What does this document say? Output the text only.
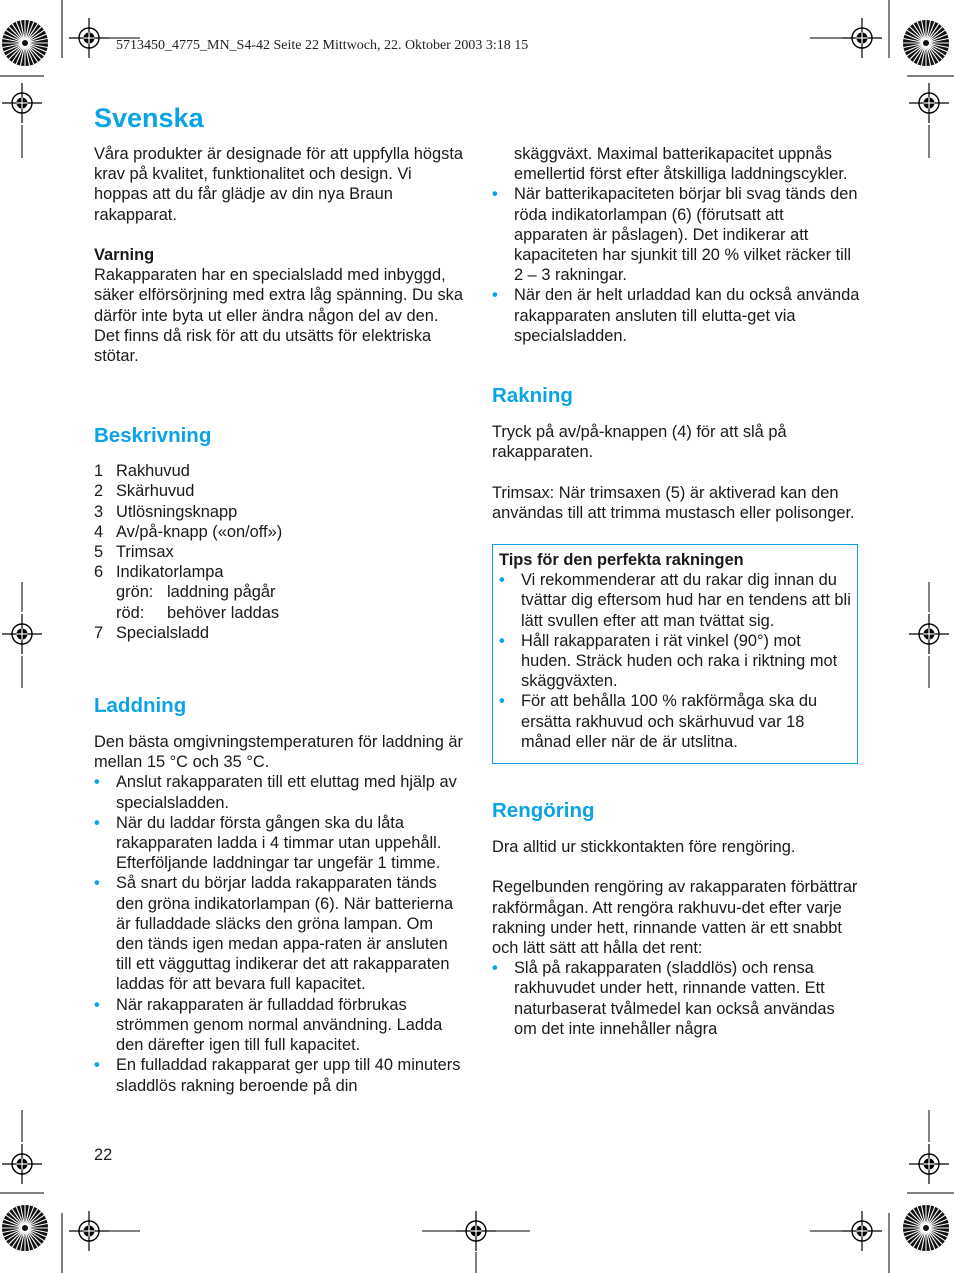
5713450_4775_MN_S4-42 Seite 22 Mittwoch, 22. Oktober 2003 3:18 15
Svenska

Våra produkter är designade för att uppfylla högsta krav på kvalitet, funktionalitet och design. Vi hoppas att du får glädje av din nya Braun rakapparat.

Varning

Rakapparaten har en specialsladd med inbyggd, säker elförsörjning med extra låg spänning. Du ska därför inte byta ut eller ändra någon del av den. Det finns då risk för att du utsätts för elektriska stötar.

Beskrivning
1 Rakhuvud
2 Skärhuvud
3 Utlösningsknapp
4 Av/på-knapp («on/off»)
5 Trimsax
6 Indikatorlampa
grön: laddning pågår
röd:	behöver laddas
7 Specialsladd
Laddning

Den bästa omgivningstemperaturen för laddning är mellan 15 °C och 35 °C.

• Anslut rakapparaten till ett eluttag med hjälp av specialsladden.
• När du laddar första gången ska du låta rakapparaten ladda i 4 timmar utan uppehåll. Efterföljande laddningar tar ungefär 1 timme.
• Så snart du börjar ladda rakapparaten tänds den gröna indikatorlampan (6). När batterierna är fulladdade släcks den gröna lampan. Om den tänds igen medan appa-raten är ansluten till ett vägguttag indikerar det att rakapparaten laddas för att bevara full kapacitet.
• När rakapparaten är fulladdad förbrukas strömmen genom normal användning. Ladda den därefter igen till full kapacitet.
• En fulladdad rakapparat ger upp till 40 minuters sladdlös rakning beroende på din

skäggväxt. Maximal batterikapacitet uppnås emellertid först efter åtskilliga laddningscykler.

• När batterikapaciteten börjar bli svag tänds den röda indikatorlampan (6) (förutsatt att apparaten är påslagen). Det indikerar att kapaciteten har sjunkit till 20 % vilket räcker till 2 – 3 rakningar.
• När den är helt urladdad kan du också använda rakapparaten ansluten till elutta-get via specialsladden.
Rakning

Tryck på av/på-knappen (4) för att slå på rakapparaten.

Trimsax: När trimsaxen (5) är aktiverad kan den användas till att trimma mustasch eller polisonger.

Tips för den perfekta rakningen

• Vi rekommenderar att du rakar dig innan du tvättar dig eftersom hud har en tendens att bli lätt svullen efter att man tvättat sig.
• Håll rakapparaten i rät vinkel (90°) mot huden. Sträck huden och raka i riktning mot skäggväxten.
• För att behålla 100 % rakförmåga ska du ersätta rakhuvud och skärhuvud var 18 månad eller när de är utslitna.
Rengöring

Dra alltid ur stickkontakten före rengöring.

Regelbunden rengöring av rakapparaten förbättrar rakförmågan. Att rengöra rakhuvu-det efter varje rakning under hett, rinnande vatten är ett snabbt och lätt sätt att hålla det rent:

• Slå på rakapparaten (sladdlös) och rensa rakhuvudet under hett, rinnande vatten. Ett naturbaserat tvålmedel kan också användas om det inte innehåller några
22
